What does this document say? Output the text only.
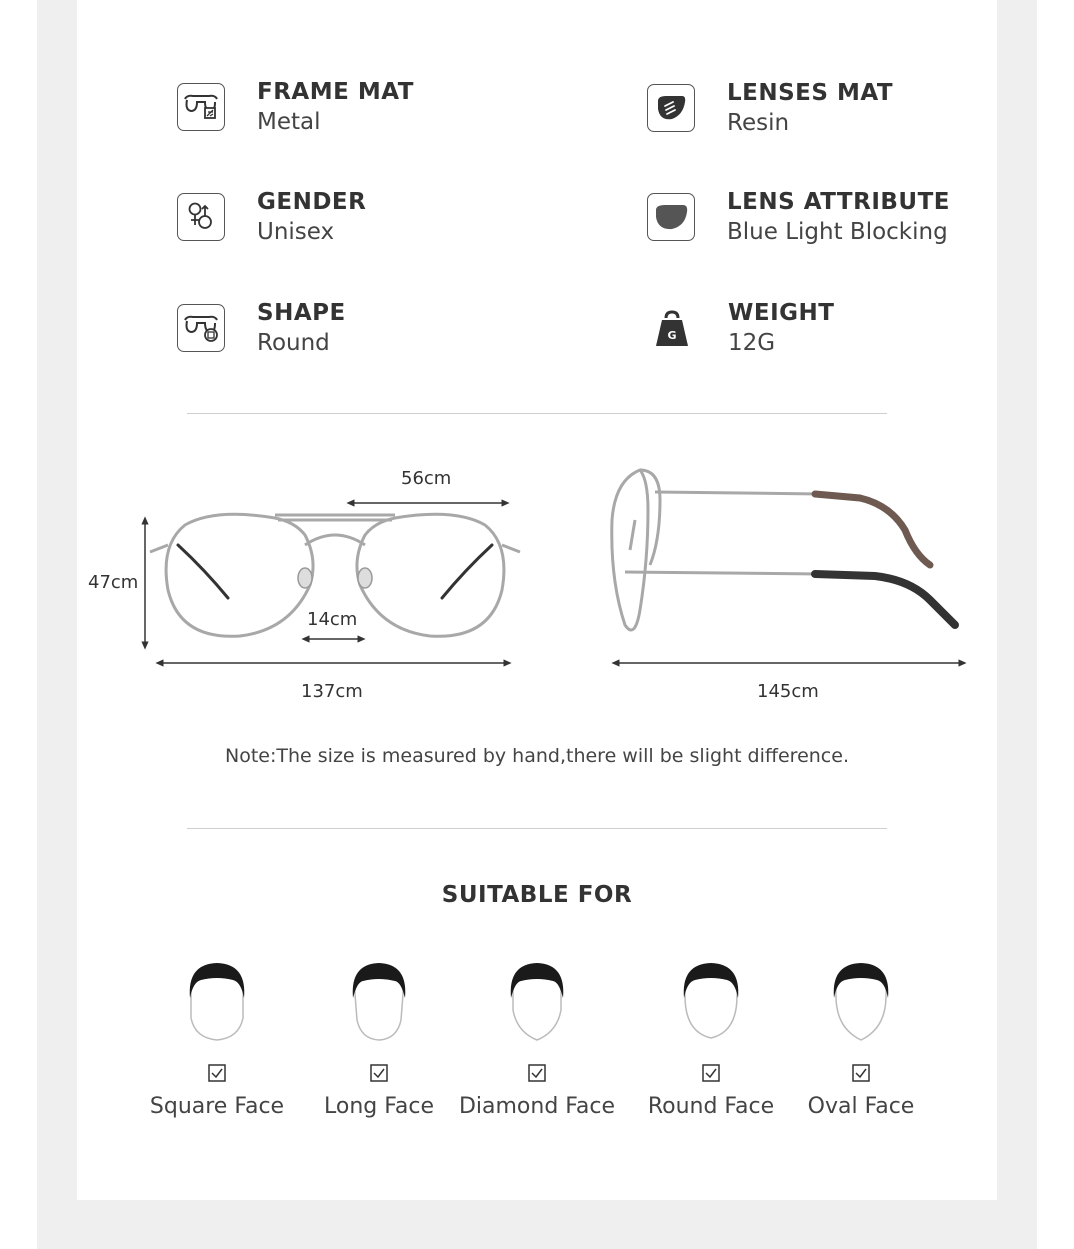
FRAME MAT
Metal
LENSES MAT
Resin
GENDER
Unisex
LENS ATTRIBUTE
Blue Light Blocking
SHAPE
Round	G
WEIGHT
12G
56cm
47cm
14cm
137cm	145cm
Note:The size is measured by hand,there will be slight difference.
SUITABLE FOR
Square Face	Long Face	Diamond Face	Round Face	Oval Face
